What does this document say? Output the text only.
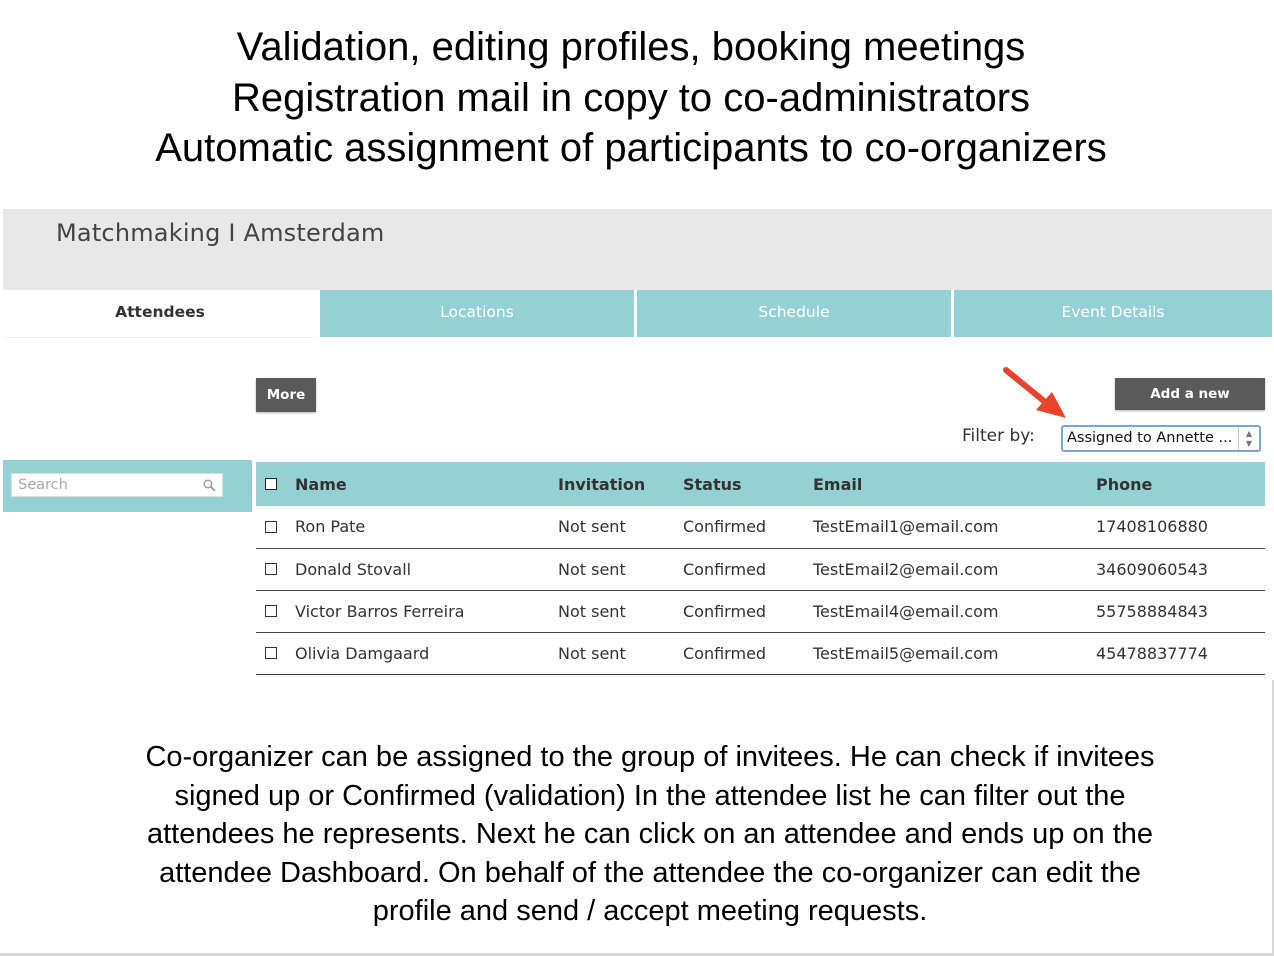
Validation, editing profiles, booking meetings
Registration mail in copy to co-administrators
Automatic assignment of participants to co-organizers
Matchmaking I Amsterdam
Attendees	Locations	Schedule	Event Details
More	Add a new
Filter by: Assigned to Annette ...	▲
▼
Search
		Name	Invitation	Status	Email	Phone
	Ron Pate	Not sent	Confirmed	TestEmail1@email.com	17408106880
	Donald Stovall	Not sent	Confirmed	TestEmail2@email.com	34609060543
	Victor Barros Ferreira	Not sent	Confirmed	TestEmail4@email.com	55758884843
	Olivia Damgaard	Not sent	Confirmed	TestEmail5@email.com	45478837774
Co-organizer can be assigned to the group of invitees. He can check if invitees
signed up or Confirmed (validation) In the attendee list he can filter out the
attendees he represents. Next he can click on an attendee and ends up on the
attendee Dashboard. On behalf of the attendee the co-organizer can edit the
profile and send / accept meeting requests.
